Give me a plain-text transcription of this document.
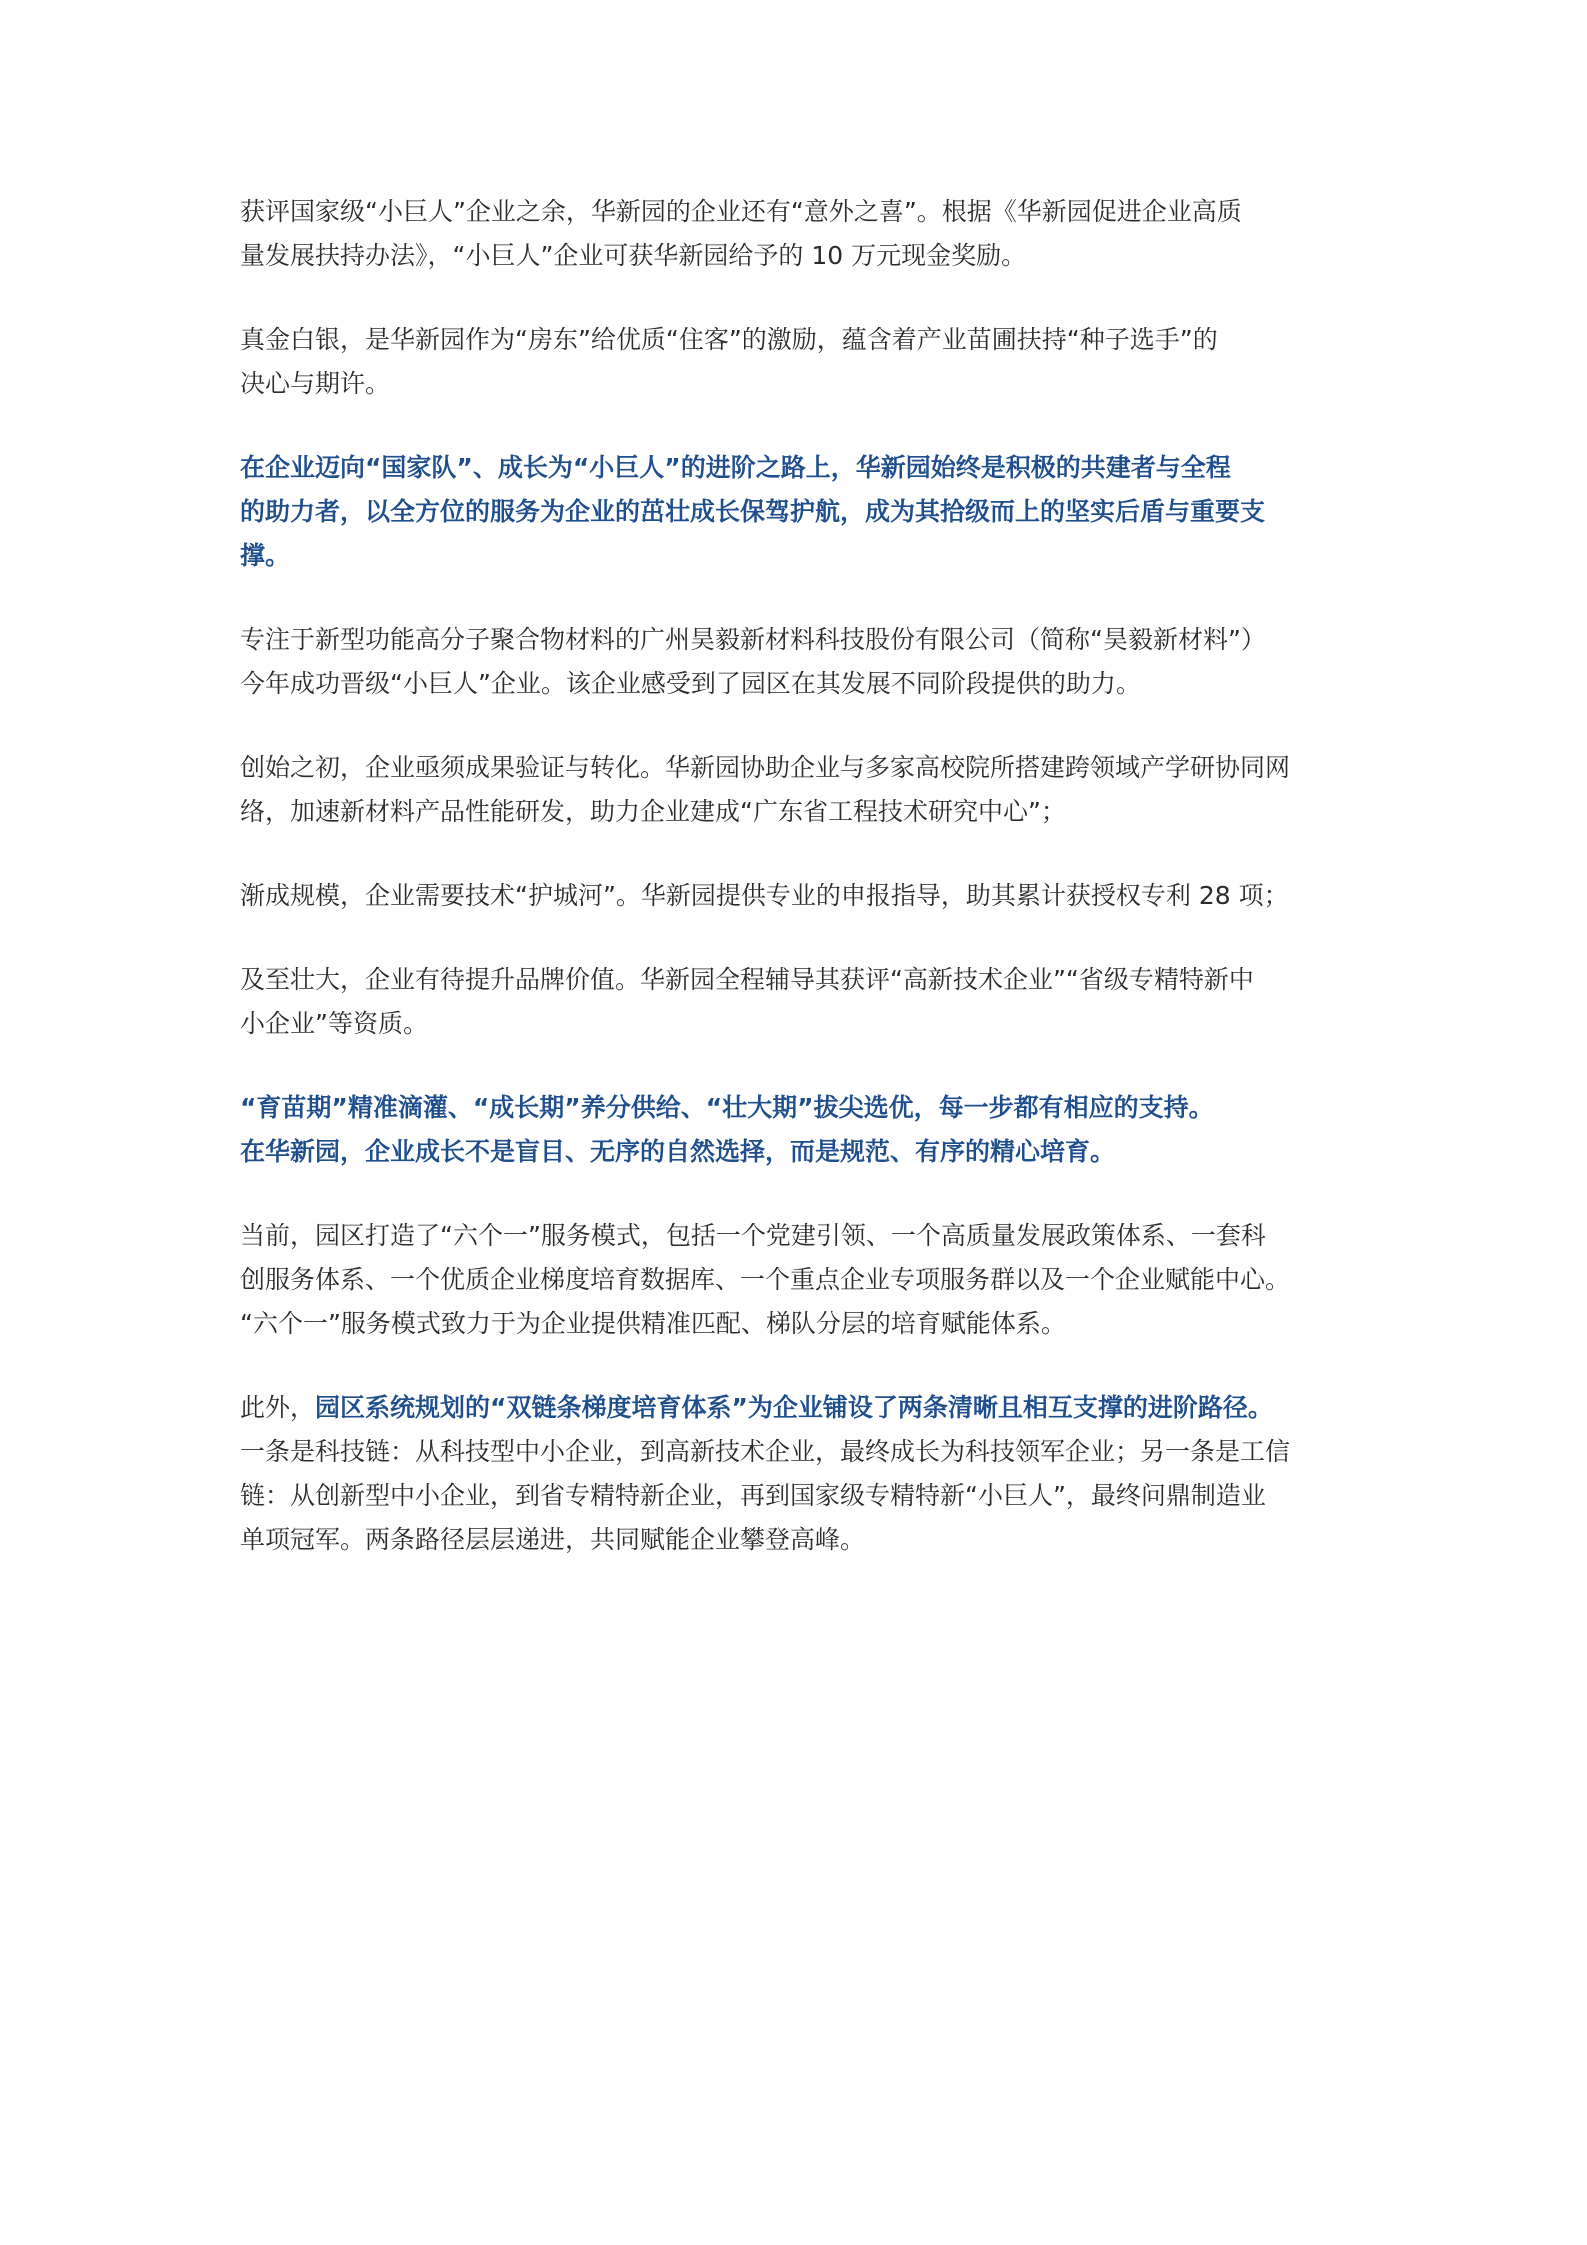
获评国家级“小巨人”企业之余，华新园的企业还有“意外之喜”。根据《华新园促进企业高质
量发展扶持办法》，“小巨人”企业可获华新园给予的 10 万元现金奖励。

真金白银，是华新园作为“房东”给优质“住客”的激励，蕴含着产业苗圃扶持“种子选手”的
决心与期许。

在企业迈向“国家队”、成长为“小巨人”的进阶之路上，华新园始终是积极的共建者与全程
的助力者，以全方位的服务为企业的茁壮成长保驾护航，成为其拾级而上的坚实后盾与重要支
撑。

专注于新型功能高分子聚合物材料的广州昊毅新材料科技股份有限公司（简称“昊毅新材料”）
今年成功晋级“小巨人”企业。该企业感受到了园区在其发展不同阶段提供的助力。

创始之初，企业亟须成果验证与转化。华新园协助企业与多家高校院所搭建跨领域产学研协同网
络，加速新材料产品性能研发，助力企业建成“广东省工程技术研究中心”；

渐成规模，企业需要技术“护城河”。华新园提供专业的申报指导，助其累计获授权专利 28 项；

及至壮大，企业有待提升品牌价值。华新园全程辅导其获评“高新技术企业”“省级专精特新中
小企业”等资质。

“育苗期”精准滴灌、“成长期”养分供给、“壮大期”拔尖选优，每一步都有相应的支持。
在华新园，企业成长不是盲目、无序的自然选择，而是规范、有序的精心培育。

当前，园区打造了“六个一”服务模式，包括一个党建引领、一个高质量发展政策体系、一套科
创服务体系、一个优质企业梯度培育数据库、一个重点企业专项服务群以及一个企业赋能中心。
“六个一”服务模式致力于为企业提供精准匹配、梯队分层的培育赋能体系。

此外，园区系统规划的“双链条梯度培育体系”为企业铺设了两条清晰且相互支撑的进阶路径。
一条是科技链：从科技型中小企业，到高新技术企业，最终成长为科技领军企业；另一条是工信
链：从创新型中小企业，到省专精特新企业，再到国家级专精特新“小巨人”，最终问鼎制造业
单项冠军。两条路径层层递进，共同赋能企业攀登高峰。
